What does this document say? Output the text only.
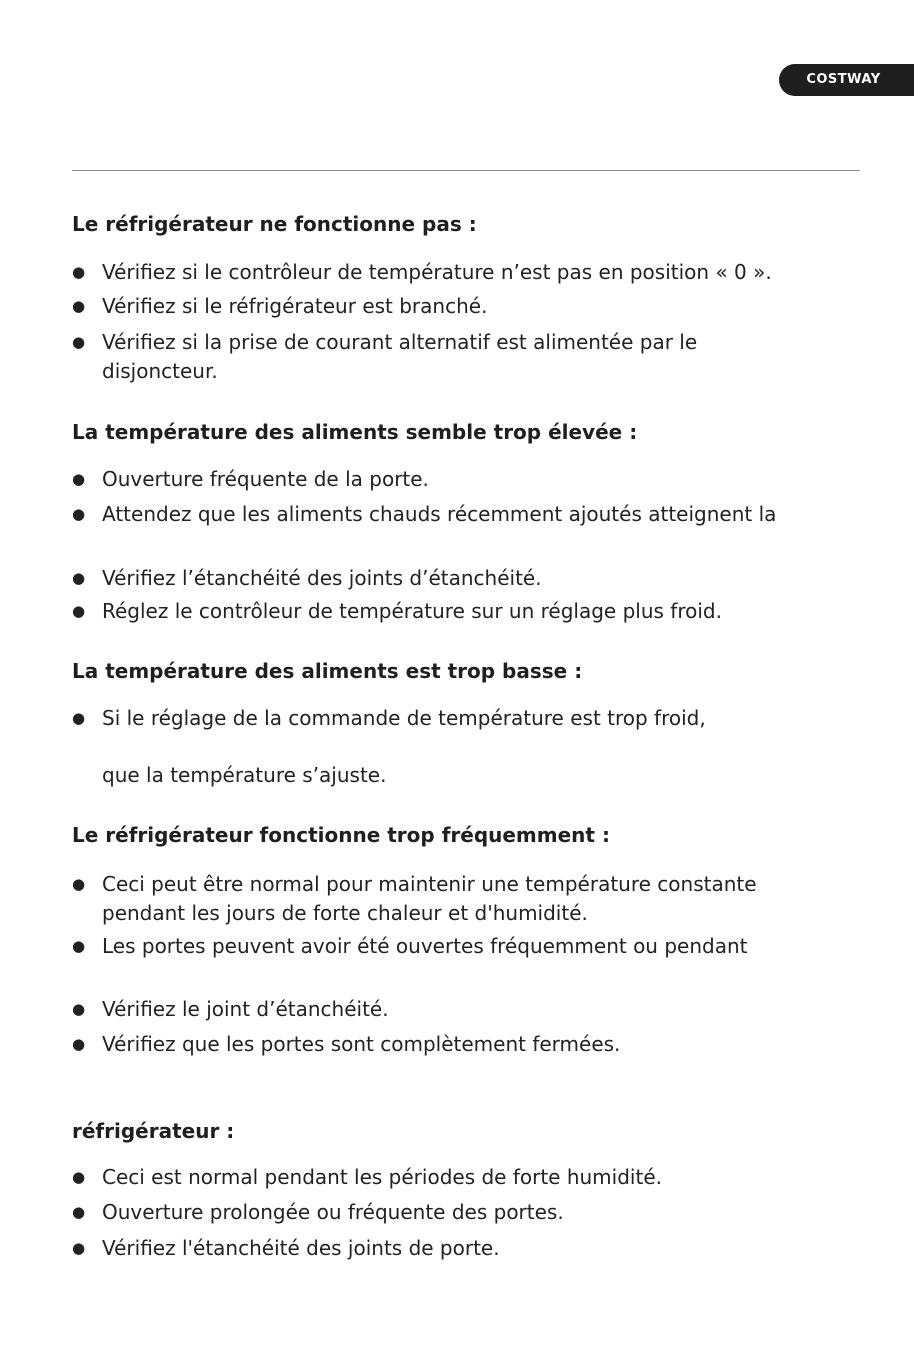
COSTWAY
Le réfrigérateur ne fonctionne pas :
● Vérifiez si le contrôleur de température n’est pas en position « 0 ».
● Vérifiez si le réfrigérateur est branché.
● Vérifiez si la prise de courant alternatif est alimentée par le
disjoncteur.
La température des aliments semble trop élevée :
● Ouverture fréquente de la porte.
● Attendez que les aliments chauds récemment ajoutés atteignent la
● Vérifiez l’étanchéité des joints d’étanchéité.
● Réglez le contrôleur de température sur un réglage plus froid.
La température des aliments est trop basse :
● Si le réglage de la commande de température est trop froid,
que la température s’ajuste.
Le réfrigérateur fonctionne trop fréquemment :
● Ceci peut être normal pour maintenir une température constante
pendant les jours de forte chaleur et d'humidité.
● Les portes peuvent avoir été ouvertes fréquemment ou pendant
● Vérifiez le joint d’étanchéité.
● Vérifiez que les portes sont complètement fermées.
réfrigérateur :
● Ceci est normal pendant les périodes de forte humidité.
● Ouverture prolongée ou fréquente des portes.
● Vérifiez l'étanchéité des joints de porte.
